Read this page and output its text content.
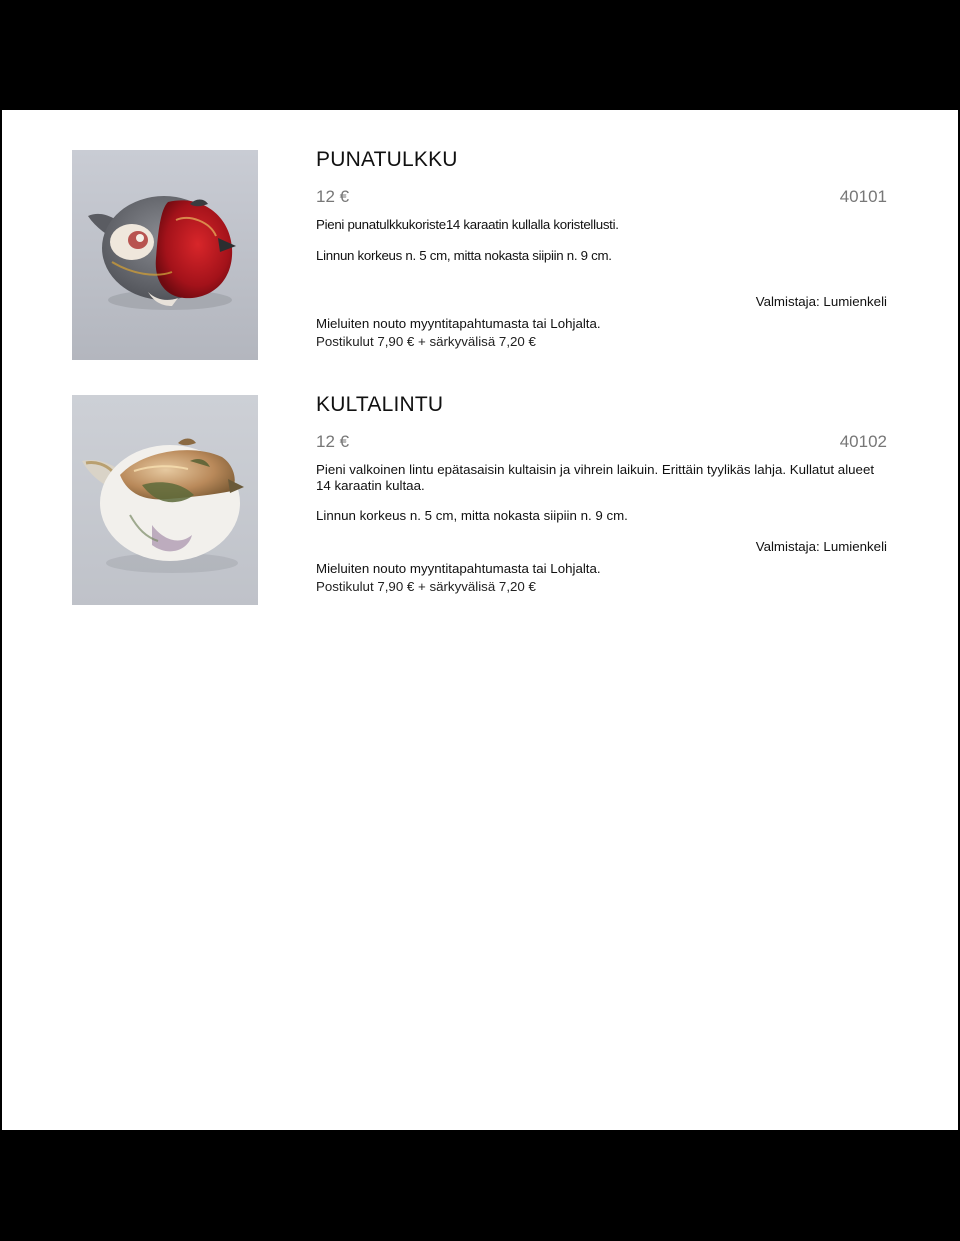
PUNATULKKU
12 €	40101
Pieni punatulkkukoriste14 karaatin kullalla koristellusti.
Linnun korkeus n. 5 cm, mitta nokasta siipiin n. 9 cm.
Valmistaja: Lumienkeli
Mieluiten nouto myyntitapahtumasta tai Lohjalta.
Postikulut 7,90 € + särkyvälisä 7,20 €
KULTALINTU
12 €	40102
Pieni valkoinen lintu epätasaisin kultaisin ja vihrein laikuin. Erittäin tyylikäs lahja. Kullatut alueet 14 karaatin kultaa.
Linnun korkeus n. 5 cm, mitta nokasta siipiin n. 9 cm.
Valmistaja: Lumienkeli
Mieluiten nouto myyntitapahtumasta tai Lohjalta.
Postikulut 7,90 € + särkyvälisä 7,20 €
